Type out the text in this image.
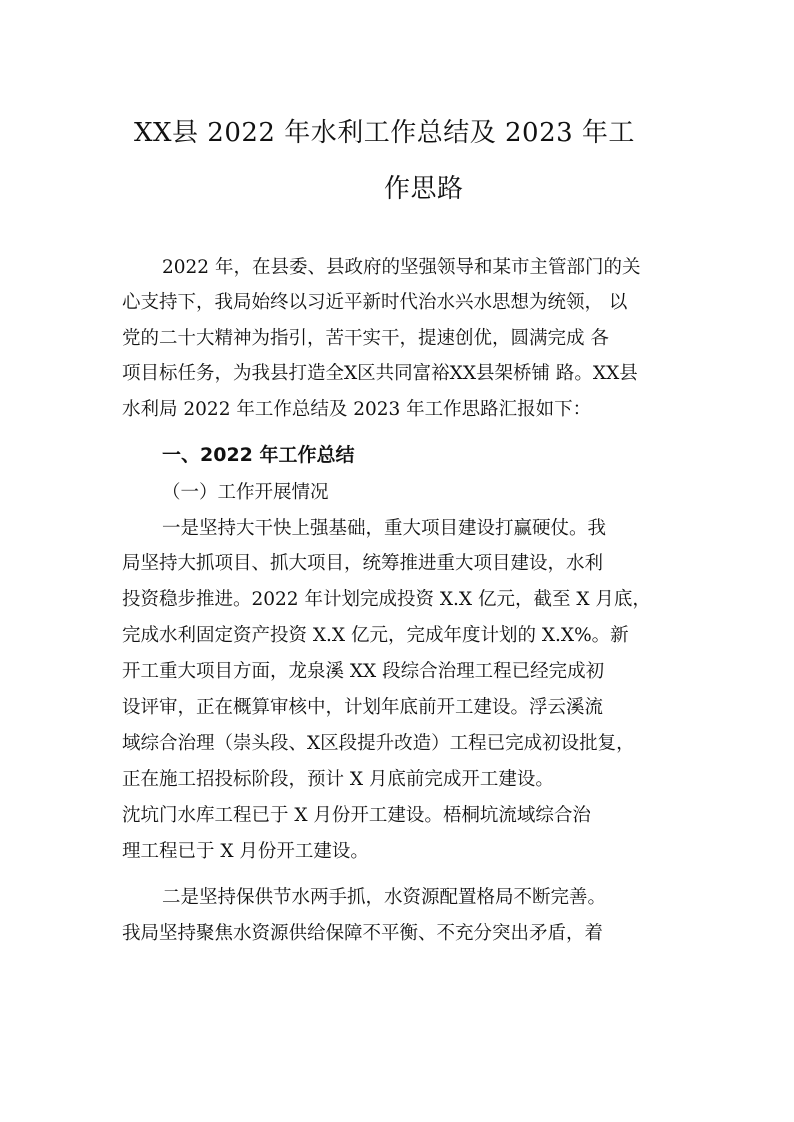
XX县 2022 年水利工作总结及 2023 年工
作思路
2022 年，在县委、县政府的坚强领导和某市主管部门的关
心支持下，我局始终以习近平新时代治水兴水思想为统领， 以
党的二十大精神为指引，苦干实干，提速创优，圆满完成 各
项目标任务，为我县打造全X区共同富裕XX县架桥铺 路。XX县
水利局 2022 年工作总结及 2023 年工作思路汇报如下：
一、2022 年工作总结
（一）工作开展情况
一是坚持大干快上强基础，重大项目建设打赢硬仗。我
局坚持大抓项目、抓大项目，统筹推进重大项目建设，水利
投资稳步推进。2022 年计划完成投资 X.X 亿元，截至 X 月底，
完成水利固定资产投资 X.X 亿元，完成年度计划的 X.X%。新
开工重大项目方面，龙泉溪 XX 段综合治理工程已经完成初
设评审，正在概算审核中，计划年底前开工建设。浮云溪流
域综合治理（崇头段、X区段提升改造）工程已完成初设批复，
正在施工招投标阶段，预计 X 月底前完成开工建设。
沈坑门水库工程已于 X 月份开工建设。梧桐坑流域综合治
理工程已于 X 月份开工建设。
二是坚持保供节水两手抓，水资源配置格局不断完善。
我局坚持聚焦水资源供给保障不平衡、不充分突出矛盾，着
